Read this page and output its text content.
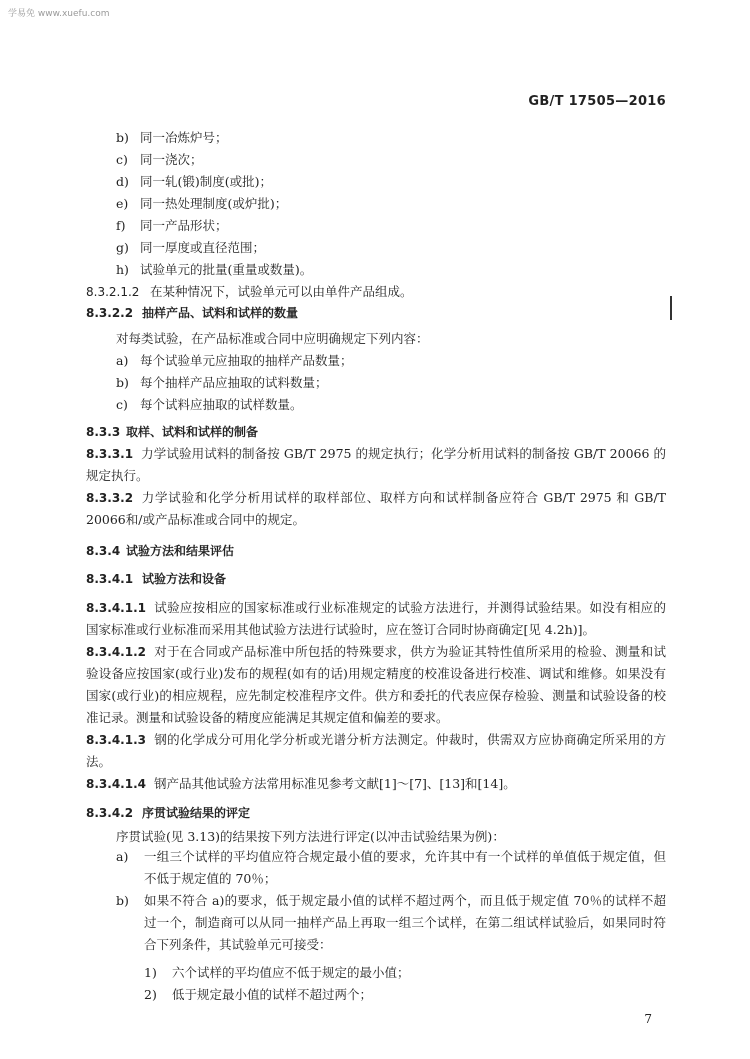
学易免 www.xuefu.com
GB/T 17505—2016
b) 同一冶炼炉号；
c) 同一浇次；
d) 同一轧(锻)制度(或批)；
e) 同一热处理制度(或炉批)；
f) 同一产品形状；
g) 同一厚度或直径范围；
h) 试验单元的批量(重量或数量)。
8.3.2.1.2 在某种情况下，试验单元可以由单件产品组成。
8.3.2.2 抽样产品、试料和试样的数量
对每类试验，在产品标准或合同中应明确规定下列内容：
a) 每个试验单元应抽取的抽样产品数量；
b) 每个抽样产品应抽取的试料数量；
c) 每个试料应抽取的试样数量。
8.3.3 取样、试料和试样的制备
8.3.3.1 力学试验用试料的制备按 GB/T 2975 的规定执行；化学分析用试料的制备按 GB/T 20066 的规定执行。
8.3.3.2 力学试验和化学分析用试样的取样部位、取样方向和试样制备应符合 GB/T 2975 和 GB/T 20066和/或产品标准或合同中的规定。
8.3.4 试验方法和结果评估
8.3.4.1 试验方法和设备
8.3.4.1.1 试验应按相应的国家标准或行业标准规定的试验方法进行，并测得试验结果。如没有相应的国家标准或行业标准而采用其他试验方法进行试验时，应在签订合同时协商确定[见 4.2h)]。
8.3.4.1.2 对于在合同或产品标准中所包括的特殊要求，供方为验证其特性值所采用的检验、测量和试验设备应按国家(或行业)发布的规程(如有的话)用规定精度的校准设备进行校准、调试和维修。如果没有国家(或行业)的相应规程，应先制定校准程序文件。供方和委托的代表应保存检验、测量和试验设备的校准记录。测量和试验设备的精度应能满足其规定值和偏差的要求。
8.3.4.1.3 钢的化学成分可用化学分析或光谱分析方法测定。仲裁时，供需双方应协商确定所采用的方法。
8.3.4.1.4 钢产品其他试验方法常用标准见参考文献[1]～[7]、[13]和[14]。
8.3.4.2 序贯试验结果的评定
序贯试验(见 3.13)的结果按下列方法进行评定(以冲击试验结果为例)：
a) 一组三个试样的平均值应符合规定最小值的要求，允许其中有一个试样的单值低于规定值，但不低于规定值的 70％；
b) 如果不符合 a)的要求，低于规定最小值的试样不超过两个，而且低于规定值 70％的试样不超过一个，制造商可以从同一抽样产品上再取一组三个试样，在第二组试样试验后，如果同时符合下列条件，其试验单元可接受：
1) 六个试样的平均值应不低于规定的最小值；
2) 低于规定最小值的试样不超过两个；
7
